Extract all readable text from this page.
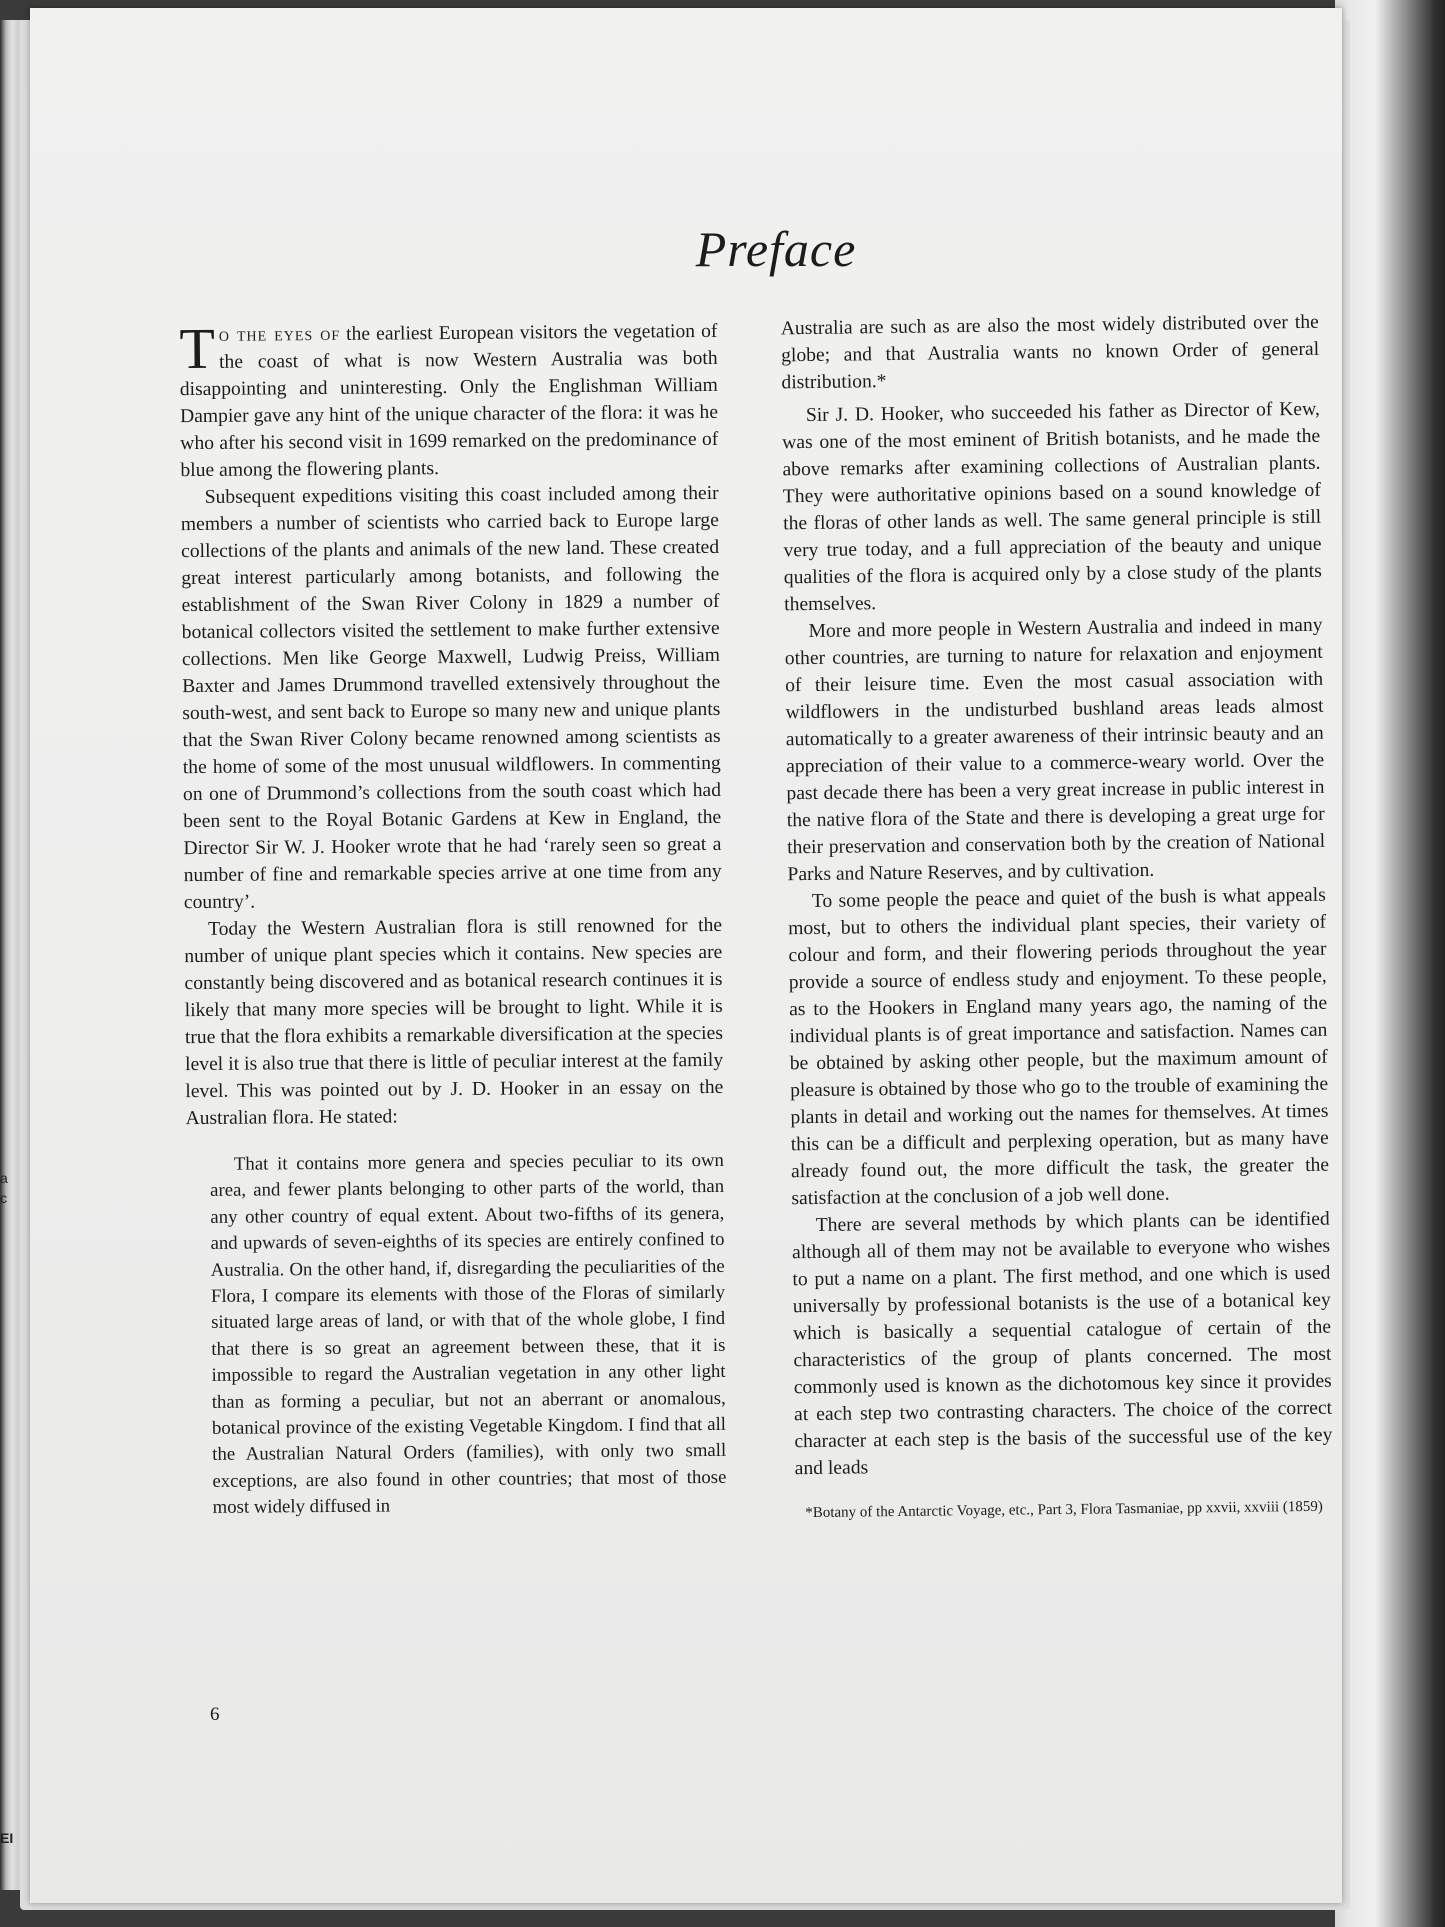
a
c
EI
Preface

To the eyes of the earliest European visitors the vegetation of the coast of what is now Western Australia was both disappointing and uninteresting. Only the Englishman William Dampier gave any hint of the unique character of the flora: it was he who after his second visit in 1699 remarked on the predominance of blue among the flowering plants.

Subsequent expeditions visiting this coast included among their members a number of scientists who carried back to Europe large collections of the plants and animals of the new land. These created great interest particularly among botanists, and following the establishment of the Swan River Colony in 1829 a number of botanical collectors visited the settlement to make further extensive collections. Men like George Maxwell, Ludwig Preiss, William Baxter and James Drummond travelled extensively throughout the south-west, and sent back to Europe so many new and unique plants that the Swan River Colony became renowned among scientists as the home of some of the most unusual wildflowers. In commenting on one of Drummond’s collections from the south coast which had been sent to the Royal Botanic Gardens at Kew in England, the Director Sir W. J. Hooker wrote that he had ‘rarely seen so great a number of fine and remarkable species arrive at one time from any country’.

Today the Western Australian flora is still renowned for the number of unique plant species which it contains. New species are constantly being discovered and as botanical research continues it is likely that many more species will be brought to light. While it is true that the flora exhibits a remarkable diversification at the species level it is also true that there is little of peculiar interest at the family level. This was pointed out by J. D. Hooker in an essay on the Australian flora. He stated:

That it contains more genera and species peculiar to its own area, and fewer plants belonging to other parts of the world, than any other country of equal extent. About two-fifths of its genera, and upwards of seven-eighths of its species are entirely confined to Australia. On the other hand, if, disregarding the peculiarities of the Flora, I compare its elements with those of the Floras of similarly situated large areas of land, or with that of the whole globe, I find that there is so great an agreement between these, that it is impossible to regard the Australian vegetation in any other light than as forming a peculiar, but not an aberrant or anomalous, botanical province of the existing Vegetable Kingdom. I find that all the Australian Natural Orders (families), with only two small exceptions, are also found in other countries; that most of those most widely diffused in

Australia are such as are also the most widely distributed over the globe; and that Australia wants no known Order of general distribution.*

Sir J. D. Hooker, who succeeded his father as Director of Kew, was one of the most eminent of British botanists, and he made the above remarks after examining collections of Australian plants. They were authoritative opinions based on a sound knowledge of the floras of other lands as well. The same general principle is still very true today, and a full appreciation of the beauty and unique qualities of the flora is acquired only by a close study of the plants themselves.

More and more people in Western Australia and indeed in many other countries, are turning to nature for relaxation and enjoyment of their leisure time. Even the most casual association with wildflowers in the undisturbed bushland areas leads almost automatically to a greater awareness of their intrinsic beauty and an appreciation of their value to a commerce-weary world. Over the past decade there has been a very great increase in public interest in the native flora of the State and there is developing a great urge for their preservation and conservation both by the creation of National Parks and Nature Reserves, and by cultivation.

To some people the peace and quiet of the bush is what appeals most, but to others the individual plant species, their variety of colour and form, and their flowering periods throughout the year provide a source of endless study and enjoyment. To these people, as to the Hookers in England many years ago, the naming of the individual plants is of great importance and satisfaction. Names can be obtained by asking other people, but the maximum amount of pleasure is obtained by those who go to the trouble of examining the plants in detail and working out the names for themselves. At times this can be a difficult and perplexing operation, but as many have already found out, the more difficult the task, the greater the satisfaction at the conclusion of a job well done.

There are several methods by which plants can be identified although all of them may not be available to everyone who wishes to put a name on a plant. The first method, and one which is used universally by professional botanists is the use of a botanical key which is basically a sequential catalogue of certain of the characteristics of the group of plants concerned. The most commonly used is known as the dichotomous key since it provides at each step two contrasting characters. The choice of the correct character at each step is the basis of the successful use of the key and leads

*Botany of the Antarctic Voyage, etc., Part 3, Flora Tasmaniae, pp xxvii, xxviii (1859)
6
